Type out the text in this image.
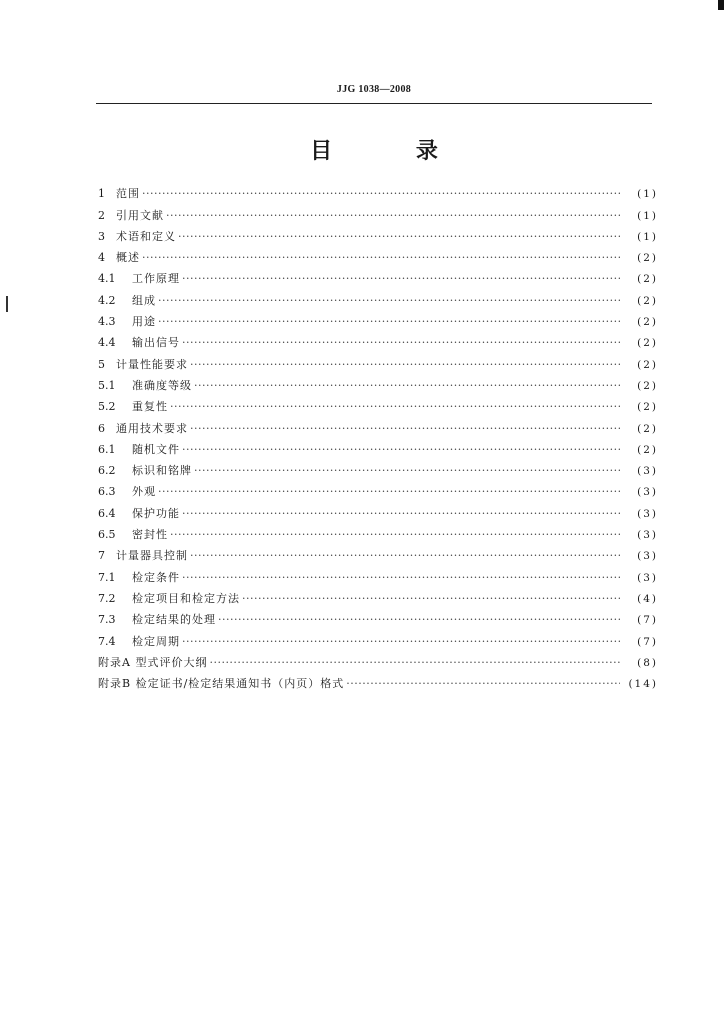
JJG 1038—2008
目 录
1	范围 ·····	(1)
2	引用文献 ·····	(1)
3	术语和定义 ·····	(1)
4	概述 ·····	(2)
4.1	工作原理 ·····	(2)
4.2	组成 ·····	(2)
4.3	用途 ·····	(2)
4.4	输出信号 ·····	(2)
5	计量性能要求 ·····	(2)
5.1	准确度等级 ·····	(2)
5.2	重复性 ·····	(2)
6	通用技术要求 ·····	(2)
6.1	随机文件 ·····	(2)
6.2	标识和铭牌 ·····	(3)
6.3	外观 ·····	(3)
6.4	保护功能 ·····	(3)
6.5	密封性 ·····	(3)
7	计量器具控制 ·····	(3)
7.1	检定条件 ·····	(3)
7.2	检定项目和检定方法 ·····	(4)
7.3	检定结果的处理 ·····	(7)
7.4	检定周期 ·····	(7)
附录A 型式评价大纲 ·····	(8)
附录B 检定证书/检定结果通知书（内页）格式 ·····	(14)
